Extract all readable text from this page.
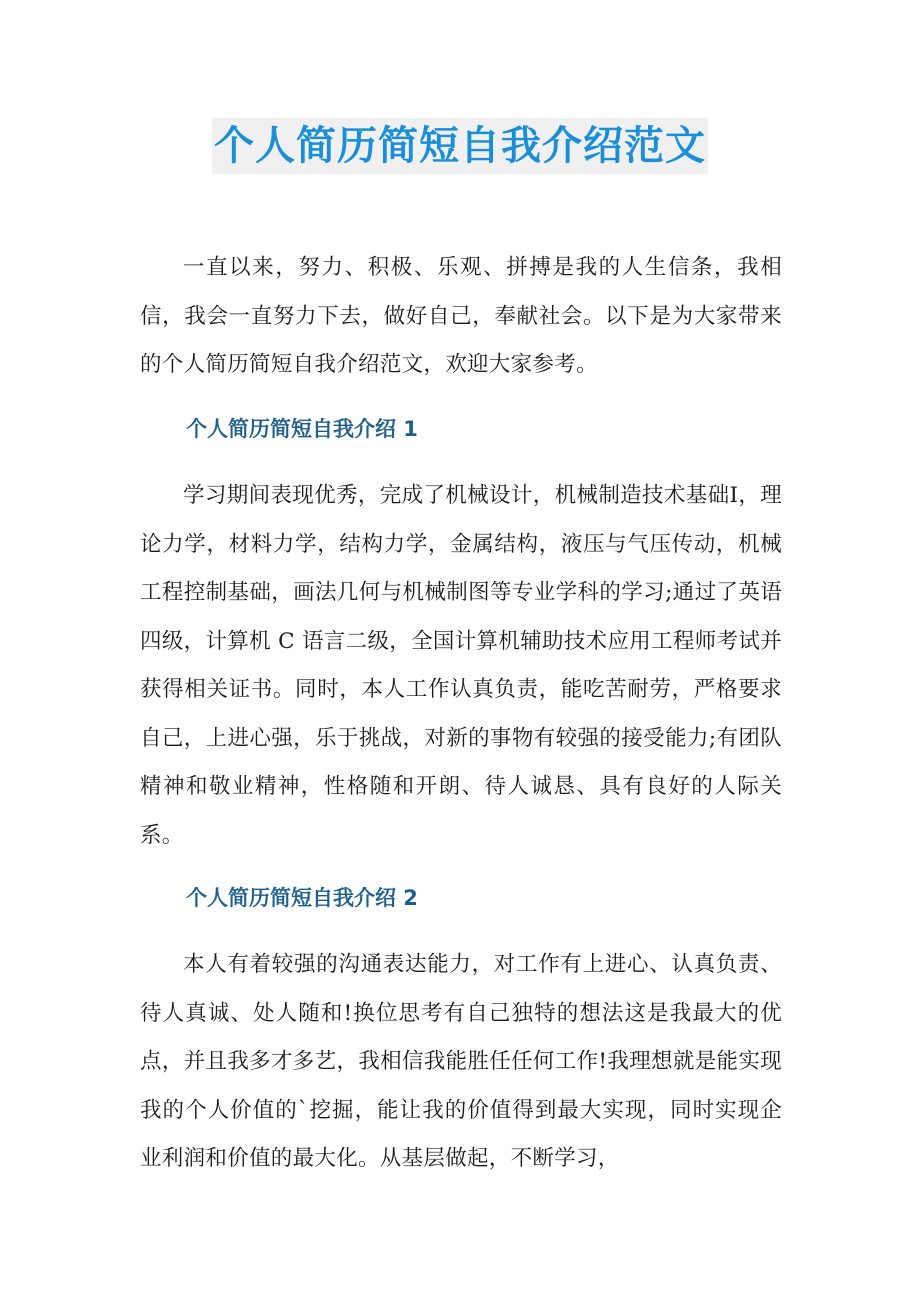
个人简历简短自我介绍范文

一直以来，努力、积极、乐观、拼搏是我的人生信条，我相信，我会一直努力下去，做好自己，奉献社会。以下是为大家带来的个人简历简短自我介绍范文，欢迎大家参考。

个人简历简短自我介绍 1

学习期间表现优秀，完成了机械设计，机械制造技术基础Ⅰ，理论力学，材料力学，结构力学，金属结构，液压与气压传动，机械工程控制基础，画法几何与机械制图等专业学科的学习;通过了英语四级，计算机 C 语言二级，全国计算机辅助技术应用工程师考试并获得相关证书。同时，本人工作认真负责，能吃苦耐劳，严格要求自己，上进心强，乐于挑战，对新的事物有较强的接受能力;有团队精神和敬业精神，性格随和开朗、待人诚恳、具有良好的人际关系。

个人简历简短自我介绍 2

本人有着较强的沟通表达能力，对工作有上进心、认真负责、待人真诚、处人随和!换位思考有自己独特的想法这是我最大的优点，并且我多才多艺，我相信我能胜任任何工作!我理想就是能实现我的个人价值的`挖掘，能让我的价值得到最大实现，同时实现企业利润和价值的最大化。从基层做起，不断学习，
